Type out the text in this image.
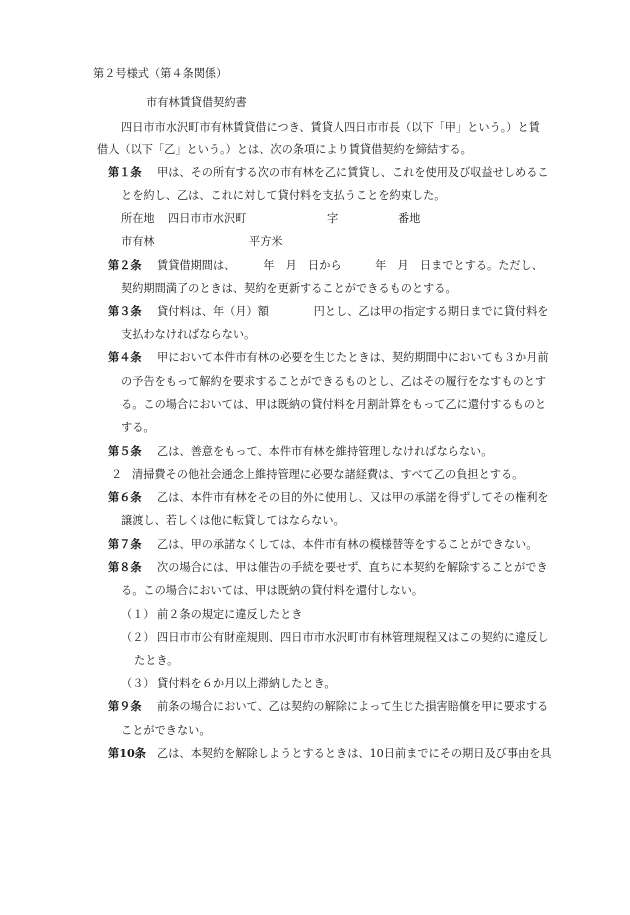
第２号様式（第４条関係）
市有林賃貸借契約書
四日市市水沢町市有林賃貸借につき、賃貸人四日市市長（以下「甲」という。）と賃
借人（以下「乙」という。）とは、次の条項により賃貸借契約を締結する。
第１条 甲は、その所有する次の市有林を乙に賃貸し、これを使用及び収益せしめるこ
とを約し、乙は、これに対して貸付料を支払うことを約束した。
所在地 四日市市水沢町	字	番地
市有林	平方米
第２条 賃貸借期間は、　　　年　月　日から　　　年　月　日までとする。ただし、
契約期間満了のときは、契約を更新することができるものとする。
第３条 貸付料は、年（月）額　　　　円とし、乙は甲の指定する期日までに貸付料を
支払わなければならない。
第４条 甲において本件市有林の必要を生じたときは、契約期間中においても３か月前
の予告をもって解約を要求することができるものとし、乙はその履行をなすものとす
る。この場合においては、甲は既納の貸付料を月割計算をもって乙に還付するものと
する。
第５条 乙は、善意をもって、本件市有林を維持管理しなければならない。
２ 清掃費その他社会通念上維持管理に必要な諸経費は、すべて乙の負担とする。
第６条 乙は、本件市有林をその目的外に使用し、又は甲の承諾を得ずしてその権利を
譲渡し、若しくは他に転貸してはならない。
第７条 乙は、甲の承諾なくしては、本件市有林の模様替等をすることができない。
第８条 次の場合には、甲は催告の手続を要せず、直ちに本契約を解除することができ
る。この場合においては、甲は既納の貸付料を還付しない。
（１） 前２条の規定に違反したとき
（２） 四日市市公有財産規則、四日市市水沢町市有林管理規程又はこの契約に違反し
たとき。
（３） 貸付料を６か月以上滞納したとき。
第９条 前条の場合において、乙は契約の解除によって生じた損害賠償を甲に要求する
ことができない。
第10条 乙は、本契約を解除しようとするときは、10日前までにその期日及び事由を具
